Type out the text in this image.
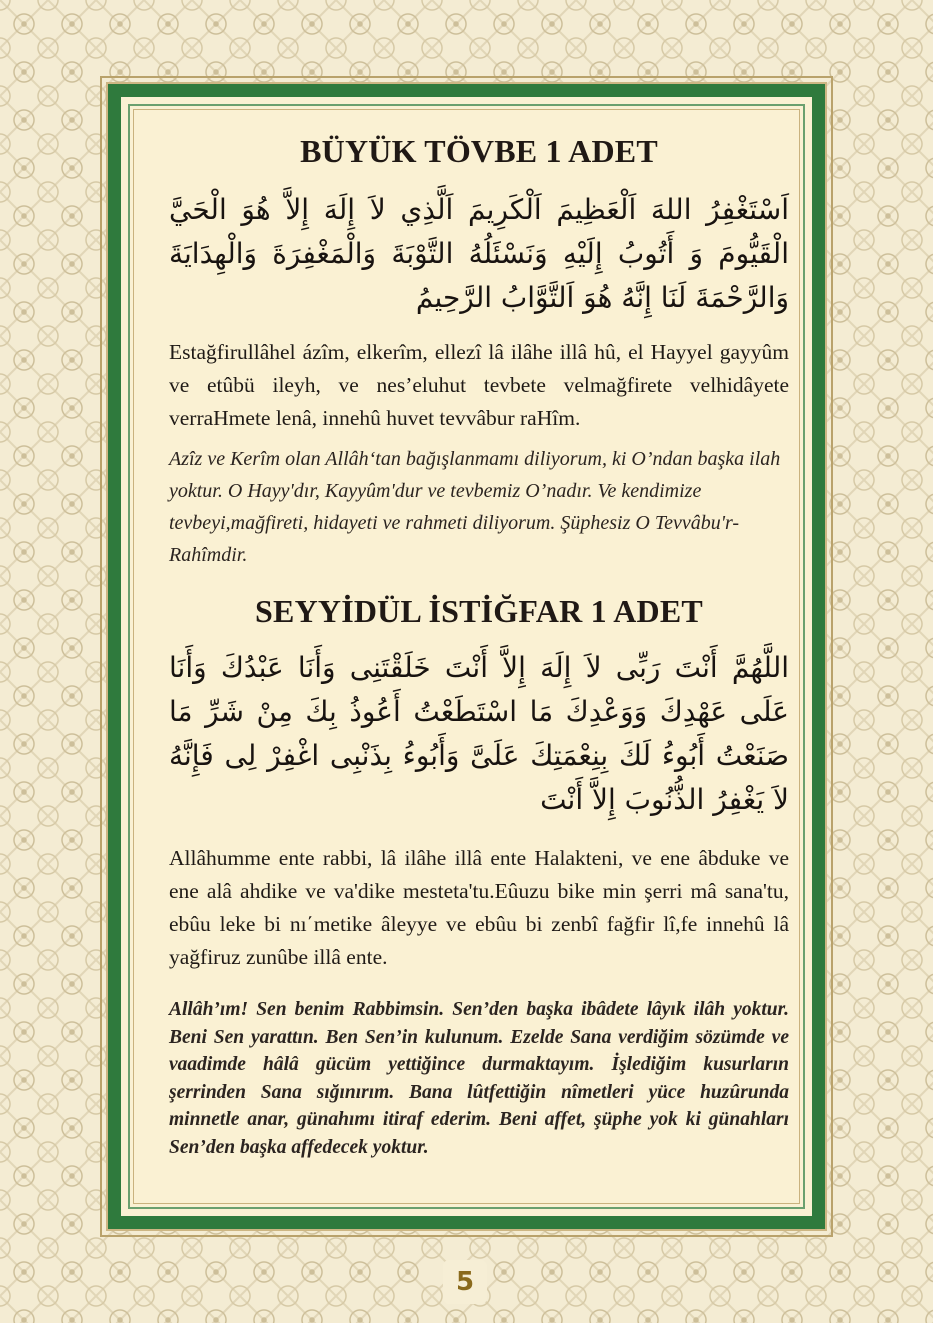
BÜYÜK TÖVBE 1 ADET

اَسْتَغْفِرُ اللهَ اَلْعَظِيمَ اَلْكَرِيمَ اَلَّذِي لاَ إِلَهَ إِلاَّ هُوَ الْحَيَّ الْقَيُّومَ وَ أَتُوبُ إِلَيْهِ وَنَسْئَلُهُ التَّوْبَةَ وَالْمَغْفِرَةَ وَالْهِدَايَةَ وَالرَّحْمَةَ لَنَا إِنَّهُ هُوَ اَلتَّوَّابُ الرَّحِيمُ

Estağfirullâhel ázîm, elkerîm, ellezî lâ ilâhe illâ hû, el Hayyel gayyûm ve etûbü ileyh, ve nes’eluhut tevbete velmağfirete velhidâyete verraHmete lenâ, innehû huvet tevvâbur raHîm.

Azîz ve Kerîm olan Allâh‘tan bağışlanmamı diliyorum, ki O’ndan başka ilah yoktur. O Hayy'dır, Kayyûm'dur ve tevbemiz O’nadır. Ve kendimize tevbeyi,mağfireti, hidayeti ve rahmeti diliyorum. Şüphesiz O Tevvâbu'r-Rahîmdir.

SEYYİDÜL İSTİĞFAR 1 ADET

اللَّهُمَّ أَنْتَ رَبِّى لاَ إِلَهَ إِلاَّ أَنْتَ خَلَقْتَنِى وَأَنَا عَبْدُكَ وَأَنَا عَلَى عَهْدِكَ وَوَعْدِكَ مَا اسْتَطَعْتُ أَعُوذُ بِكَ مِنْ شَرِّ مَا صَنَعْتُ أَبُوءُ لَكَ بِنِعْمَتِكَ عَلَىَّ وَأَبُوءُ بِذَنْبِى اغْفِرْ لِى فَإِنَّهُ لاَ يَغْفِرُ الذُّنُوبَ إِلاَّ أَنْتَ

Allâhumme ente rabbi, lâ ilâhe illâ ente Halakteni, ve ene âbduke ve ene alâ ahdike ve va'dike mesteta'tu.Eûuzu bike min şerri mâ sana'tu, ebûu leke bi nı΄metike âleyye ve ebûu bi zenbî fağfir lî,fe innehû lâ yağfiruz zunûbe illâ ente.

Allâh’ım! Sen benim Rabbimsin. Sen’den başka ibâdete lâyık ilâh yoktur. Beni Sen yarattın. Ben Sen’in kulunum. Ezelde Sana verdiğim sözümde ve vaadimde hâlâ gücüm yettiğince durmaktayım. İşlediğim kusurların şerrinden Sana sığınırım. Bana lûtfettiğin nîmetleri yüce huzûrunda minnetle anar, günahımı itiraf ederim. Beni affet, şüphe yok ki günahları Sen’den başka affedecek yoktur.

5
